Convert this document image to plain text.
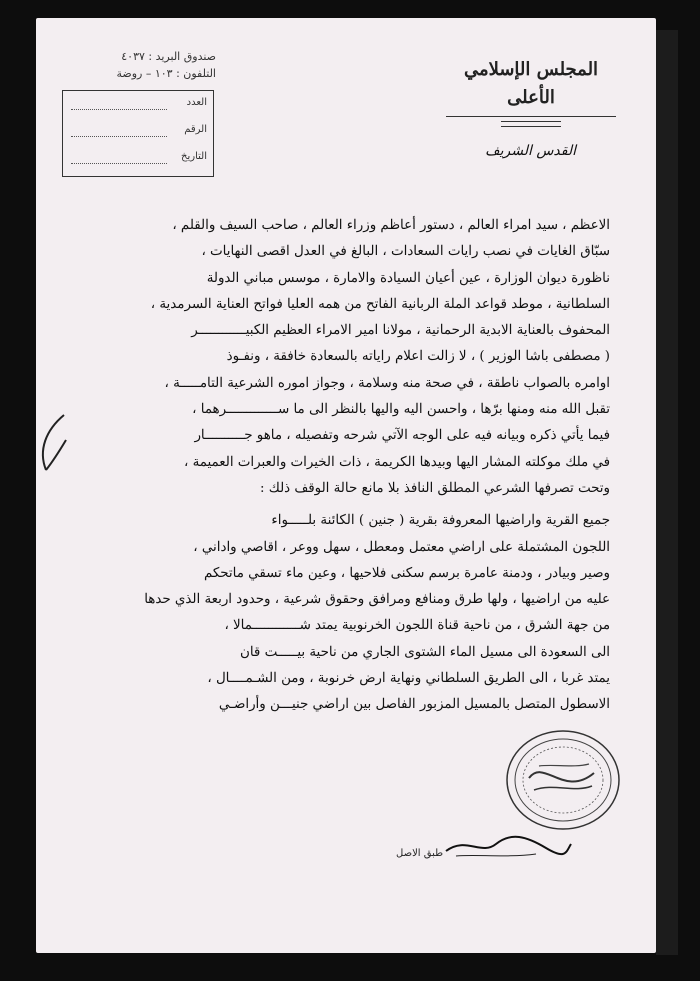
المجلس الإسلامي الأعلى
صندوق البريد : ٤٠٣٧
التلفون : ١٠٣ – روضة
العدد
الرقم
التاريخ	القدس الشريف

الاعظم ، سيد امراء العالم ، دستور أعاظم وزراء العالم ، صاحب السيف والقلم ،

سبّاق الغايات في نصب رايات السعادات ، البالغ في العدل اقصى النهايات ،

ناظورة ديوان الوزارة ، عين أعيان السيادة والامارة ، موسس مباني الدولة

السلطانية ، موطد قواعد الملة الربانية الفاتح من همه العليا فواتح العناية السرمدية ،

المحفوف بالعناية الابدية الرحمانية ، مولانا امير الامراء العظيم الكبيــــــــــــر

( مصطفى باشا الوزير ) ، لا زالت اعلام راياته بالسعادة خافقة ، ونفـوذ

اوامره بالصواب ناطقة ، في صحة منه وسلامة ، وجواز اموره الشرعية التامـــــة ،

تقبل الله منه ومنها برّها ، واحسن اليه واليها بالنظر الى ما ســـــــــــــرهما ،

فيما يأتي ذكره وبيانه فيه على الوجه الآتي شرحه وتفصيله ، ماهو جــــــــــار

في ملك موكلته المشار اليها وبيدها الكريمة ، ذات الخيرات والعبرات العميمة ،

وتحت تصرفها الشرعي المطلق النافذ بلا مانع حالة الوقف ذلك :

جميع القرية واراضيها المعروفة بقرية ( جنين ) الكائنة بلـــــواء

اللجون المشتملة على اراضي معتمل ومعطل ، سهل ووعر ، اقاصي واداني ،

وصير وبيادر ، ودمنة عامرة برسم سكنى فلاحيها ، وعين ماء تسقي ماتحكم

عليه من اراضيها ، ولها طرق ومنافع ومرافق وحقوق شرعية ، وحدود اربعة الذي حدها

من جهة الشرق ، من ناحية قناة اللجون الخرنوبية يمتد شــــــــــــمالا ،

الى السعودة الى مسيل الماء الشتوى الجاري من ناحية بيـــــت قان

يمتد غربا ، الى الطريق السلطاني ونهاية ارض خرنوبة ، ومن الشـمــــال ،

الاسطول المتصل بالمسيل المزبور الفاصل بين اراضي جنيـــن وأراضـي

طبق الاصل
